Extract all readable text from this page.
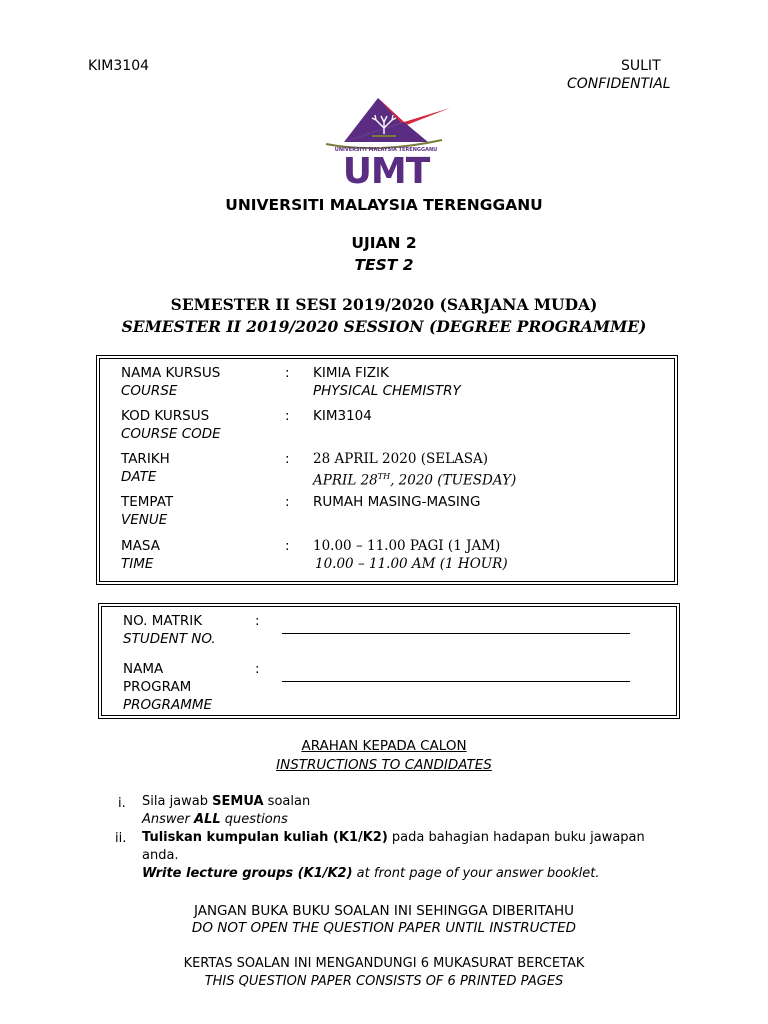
KIM3104	SULIT
CONFIDENTIAL
UNIVERSITI MALAYSIA TERENGGANU
UMT
UNIVERSITI MALAYSIA TERENGGANU
UJIAN 2
TEST 2
SEMESTER II SESI 2019/2020 (SARJANA MUDA)
SEMESTER II 2019/2020 SESSION (DEGREE PROGRAMME)
NAMA KURSUS
COURSE
: KIMIA FIZIK
PHYSICAL CHEMISTRY
KOD KURSUS
COURSE CODE
: KIM3104
TARIKH
DATE
: 28 APRIL 2020 (SELASA)
APRIL 28TH, 2020 (TUESDAY)
TEMPAT
VENUE
: RUMAH MASING-MASING
MASA
TIME
: 10.00 – 11.00 PAGI (1 JAM)
10.00 – 11.00 AM (1 HOUR)
NO. MATRIK
STUDENT NO.
:
NAMA
PROGRAM
PROGRAMME
:
ARAHAN KEPADA CALON
INSTRUCTIONS TO CANDIDATES
i. Sila jawab SEMUA soalan
Answer ALL questions
ii. Tuliskan kumpulan kuliah (K1/K2) pada bahagian hadapan buku jawapan
anda.
Write lecture groups (K1/K2) at front page of your answer booklet.
JANGAN BUKA BUKU SOALAN INI SEHINGGA DIBERITAHU
DO NOT OPEN THE QUESTION PAPER UNTIL INSTRUCTED
KERTAS SOALAN INI MENGANDUNGI 6 MUKASURAT BERCETAK
THIS QUESTION PAPER CONSISTS OF 6 PRINTED PAGES
